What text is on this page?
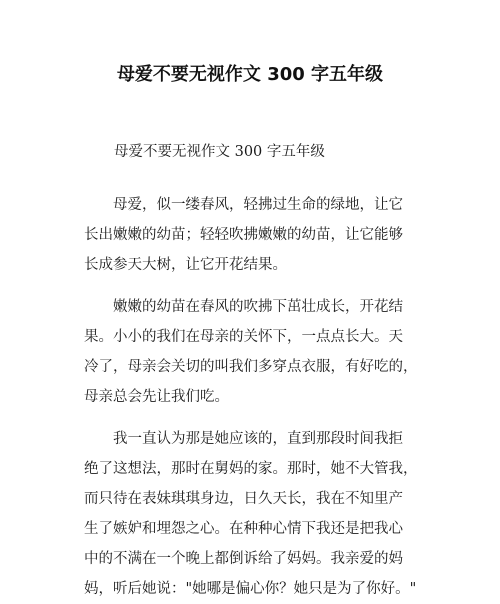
母爱不要无视作文 300 字五年级

母爱不要无视作文 300 字五年级

母爱，似一缕春风，轻拂过生命的绿地，让它
长出嫩嫩的幼苗；轻轻吹拂嫩嫩的幼苗，让它能够
长成参天大树，让它开花结果。
嫩嫩的幼苗在春风的吹拂下茁壮成长，开花结
果。小小的我们在母亲的关怀下，一点点长大。天
冷了，母亲会关切的叫我们多穿点衣服，有好吃的，
母亲总会先让我们吃。
我一直认为那是她应该的，直到那段时间我拒
绝了这想法，那时在舅妈的家。那时，她不大管我，
而只待在表妹琪琪身边，日久天长，我在不知里产
生了嫉妒和埋怨之心。在种种心情下我还是把我心
中的不满在一个晚上都倒诉给了妈妈。我亲爱的妈
妈，听后她说："她哪是偏心你？她只是为了你好。"
